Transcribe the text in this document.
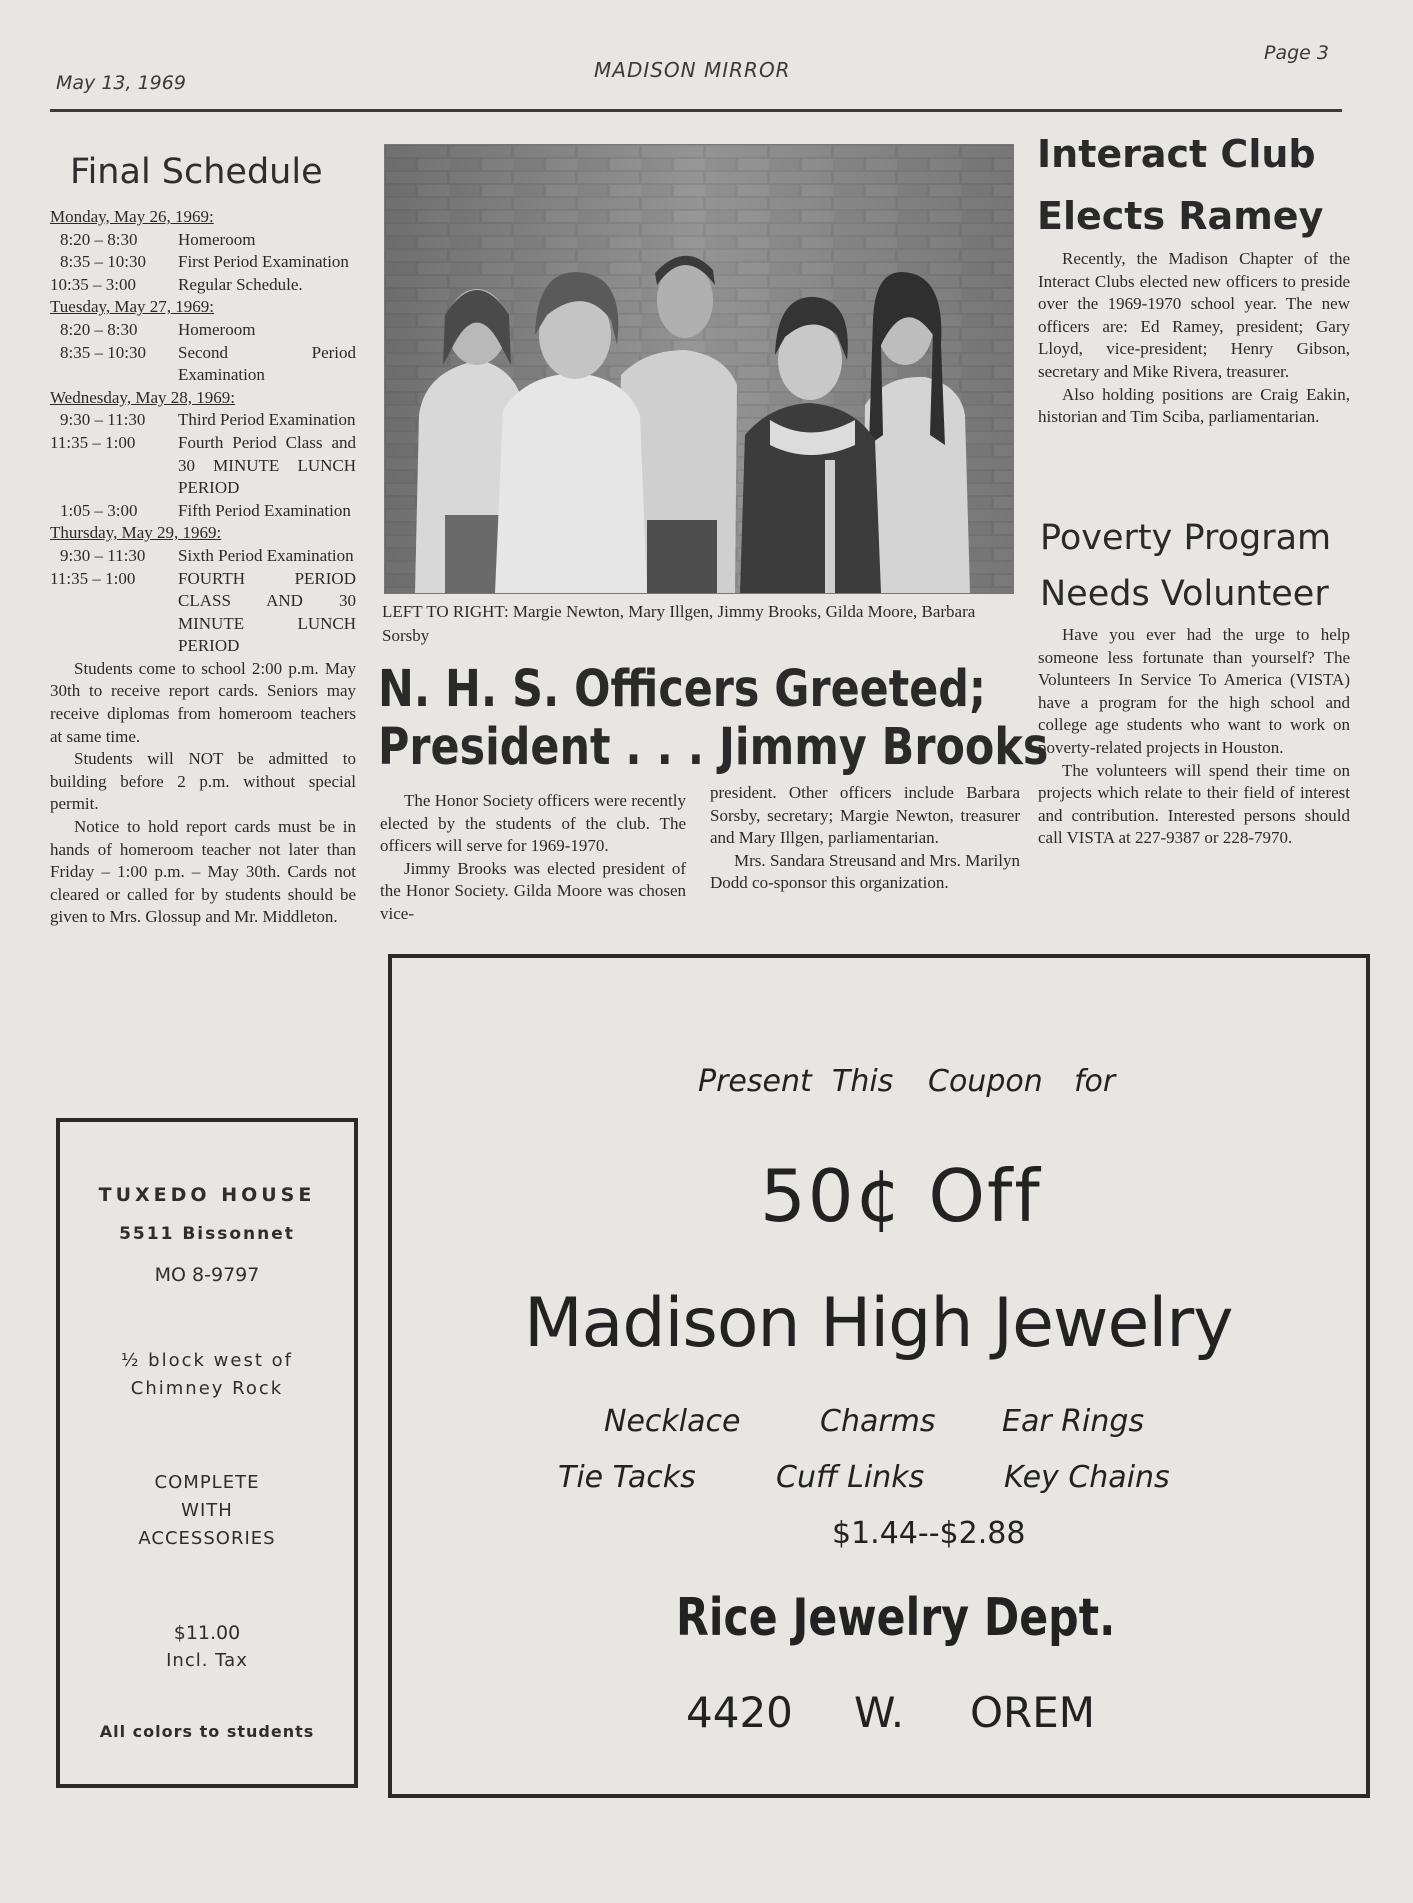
May 13, 1969
MADISON MIRROR
Page 3
Final Schedule
Monday, May 26, 1969:
8:20 – 8:30	Homeroom
8:35 – 10:30	First Period Examination
10:35 – 3:00	Regular Schedule.
Tuesday, May 27, 1969:
8:20 – 8:30	Homeroom
8:35 – 10:30	Second Period Examination
Wednesday, May 28, 1969:
9:30 – 11:30	Third Period Examination
11:35 – 1:00	Fourth Period Class and 30 MINUTE LUNCH PERIOD
1:05 – 3:00	Fifth Period Examination
Thursday, May 29, 1969:
9:30 – 11:30	Sixth Period Examination
11:35 – 1:00	FOURTH PERIOD CLASS AND 30 MINUTE LUNCH PERIOD
Students come to school 2:00 p.m. May 30th to receive report cards. Seniors may receive diplomas from homeroom teachers at same time.
Students will NOT be admitted to building before 2 p.m. without special permit.
Notice to hold report cards must be in hands of homeroom teacher not later than Friday – 1:00 p.m. – May 30th. Cards not cleared or called for by students should be given to Mrs. Glossup and Mr. Middleton.
TUXEDO HOUSE
5511 Bissonnet
MO 8-9797
½ block west of
Chimney Rock
COMPLETE
WITH
ACCESSORIES
$11.00
Incl. Tax
All colors to students
LEFT TO RIGHT: Margie Newton, Mary Illgen, Jimmy Brooks, Gilda Moore, Barbara Sorsby
N. H. S. Officers Greeted;
President . . . Jimmy Brooks
The Honor Society officers were recently elected by the students of the club. The officers will serve for 1969-1970.
Jimmy Brooks was elected president of the Honor Society. Gilda Moore was chosen vice-
president. Other officers include Barbara Sorsby, secretary; Margie Newton, treasurer and Mary Illgen, parliamentarian.
Mrs. Sandara Streusand and Mrs. Marilyn Dodd co-sponsor this organization.
Interact Club
Elects Ramey
Recently, the Madison Chapter of the Interact Clubs elected new officers to preside over the 1969-1970 school year. The new officers are: Ed Ramey, president; Gary Lloyd, vice-president; Henry Gibson, secretary and Mike Rivera, treasurer.
Also holding positions are Craig Eakin, historian and Tim Sciba, parliamentarian.
Poverty Program
Needs Volunteer
Have you ever had the urge to help someone less fortunate than yourself? The Volunteers In Service To America (VISTA) have a program for the high school and college age students who want to work on poverty-related projects in Houston.
The volunteers will spend their time on projects which relate to their field of interest and contribution. Interested persons should call VISTA at 227-9387 or 228-7970.
Present This Coupon for
50¢ Off
Madison High Jewelry
Necklace	Charms Ear Rings
Tie Tacks	Cuff Links	Key Chains
$1.44--$2.88
Rice Jewelry Dept.
4420 W. OREM
